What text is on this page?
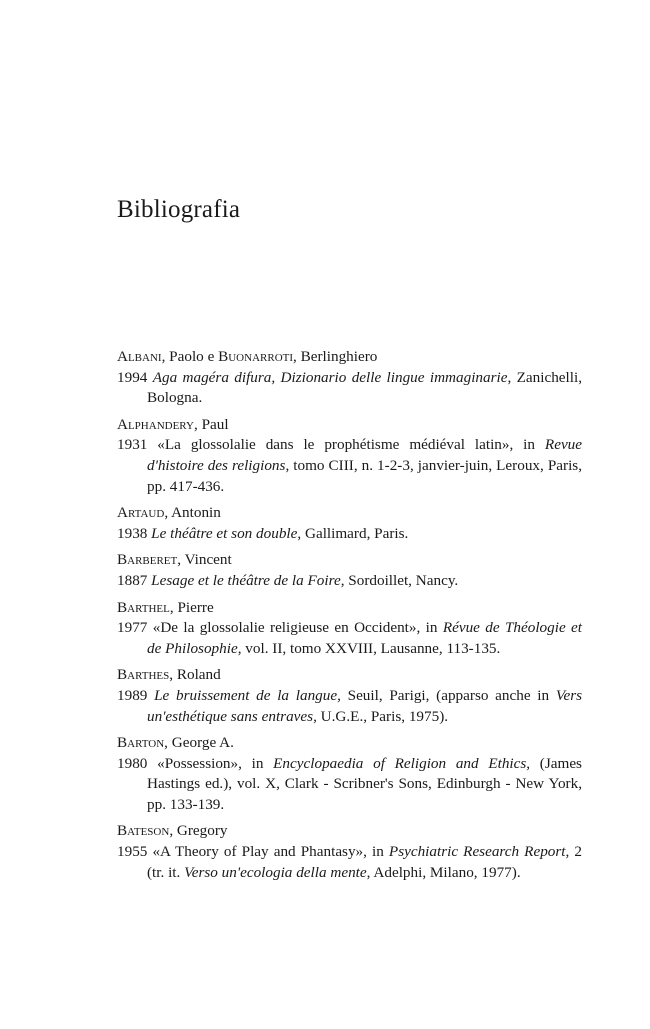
Bibliografia
Albani, Paolo e Buonarroti, Berlinghiero
1994 Aga magéra difura, Dizionario delle lingue immaginarie, Zanichelli, Bologna.
Alphandery, Paul
1931 «La glossolalie dans le prophétisme médiéval latin», in Revue d'histoire des religions, tomo CIII, n. 1-2-3, janvier-juin, Leroux, Paris, pp. 417-436.
Artaud, Antonin
1938 Le théâtre et son double, Gallimard, Paris.
Barberet, Vincent
1887 Lesage et le théâtre de la Foire, Sordoillet, Nancy.
Barthel, Pierre
1977 «De la glossolalie religieuse en Occident», in Révue de Théologie et de Philosophie, vol. II, tomo XXVIII, Lausanne, 113-135.
Barthes, Roland
1989 Le bruissement de la langue, Seuil, Parigi, (apparso anche in Vers un'esthétique sans entraves, U.G.E., Paris, 1975).
Barton, George A.
1980 «Possession», in Encyclopaedia of Religion and Ethics, (James Hastings ed.), vol. X, Clark - Scribner's Sons, Edinburgh - New York, pp. 133-139.
Bateson, Gregory
1955 «A Theory of Play and Phantasy», in Psychiatric Research Report, 2 (tr. it. Verso un'ecologia della mente, Adelphi, Milano, 1977).
